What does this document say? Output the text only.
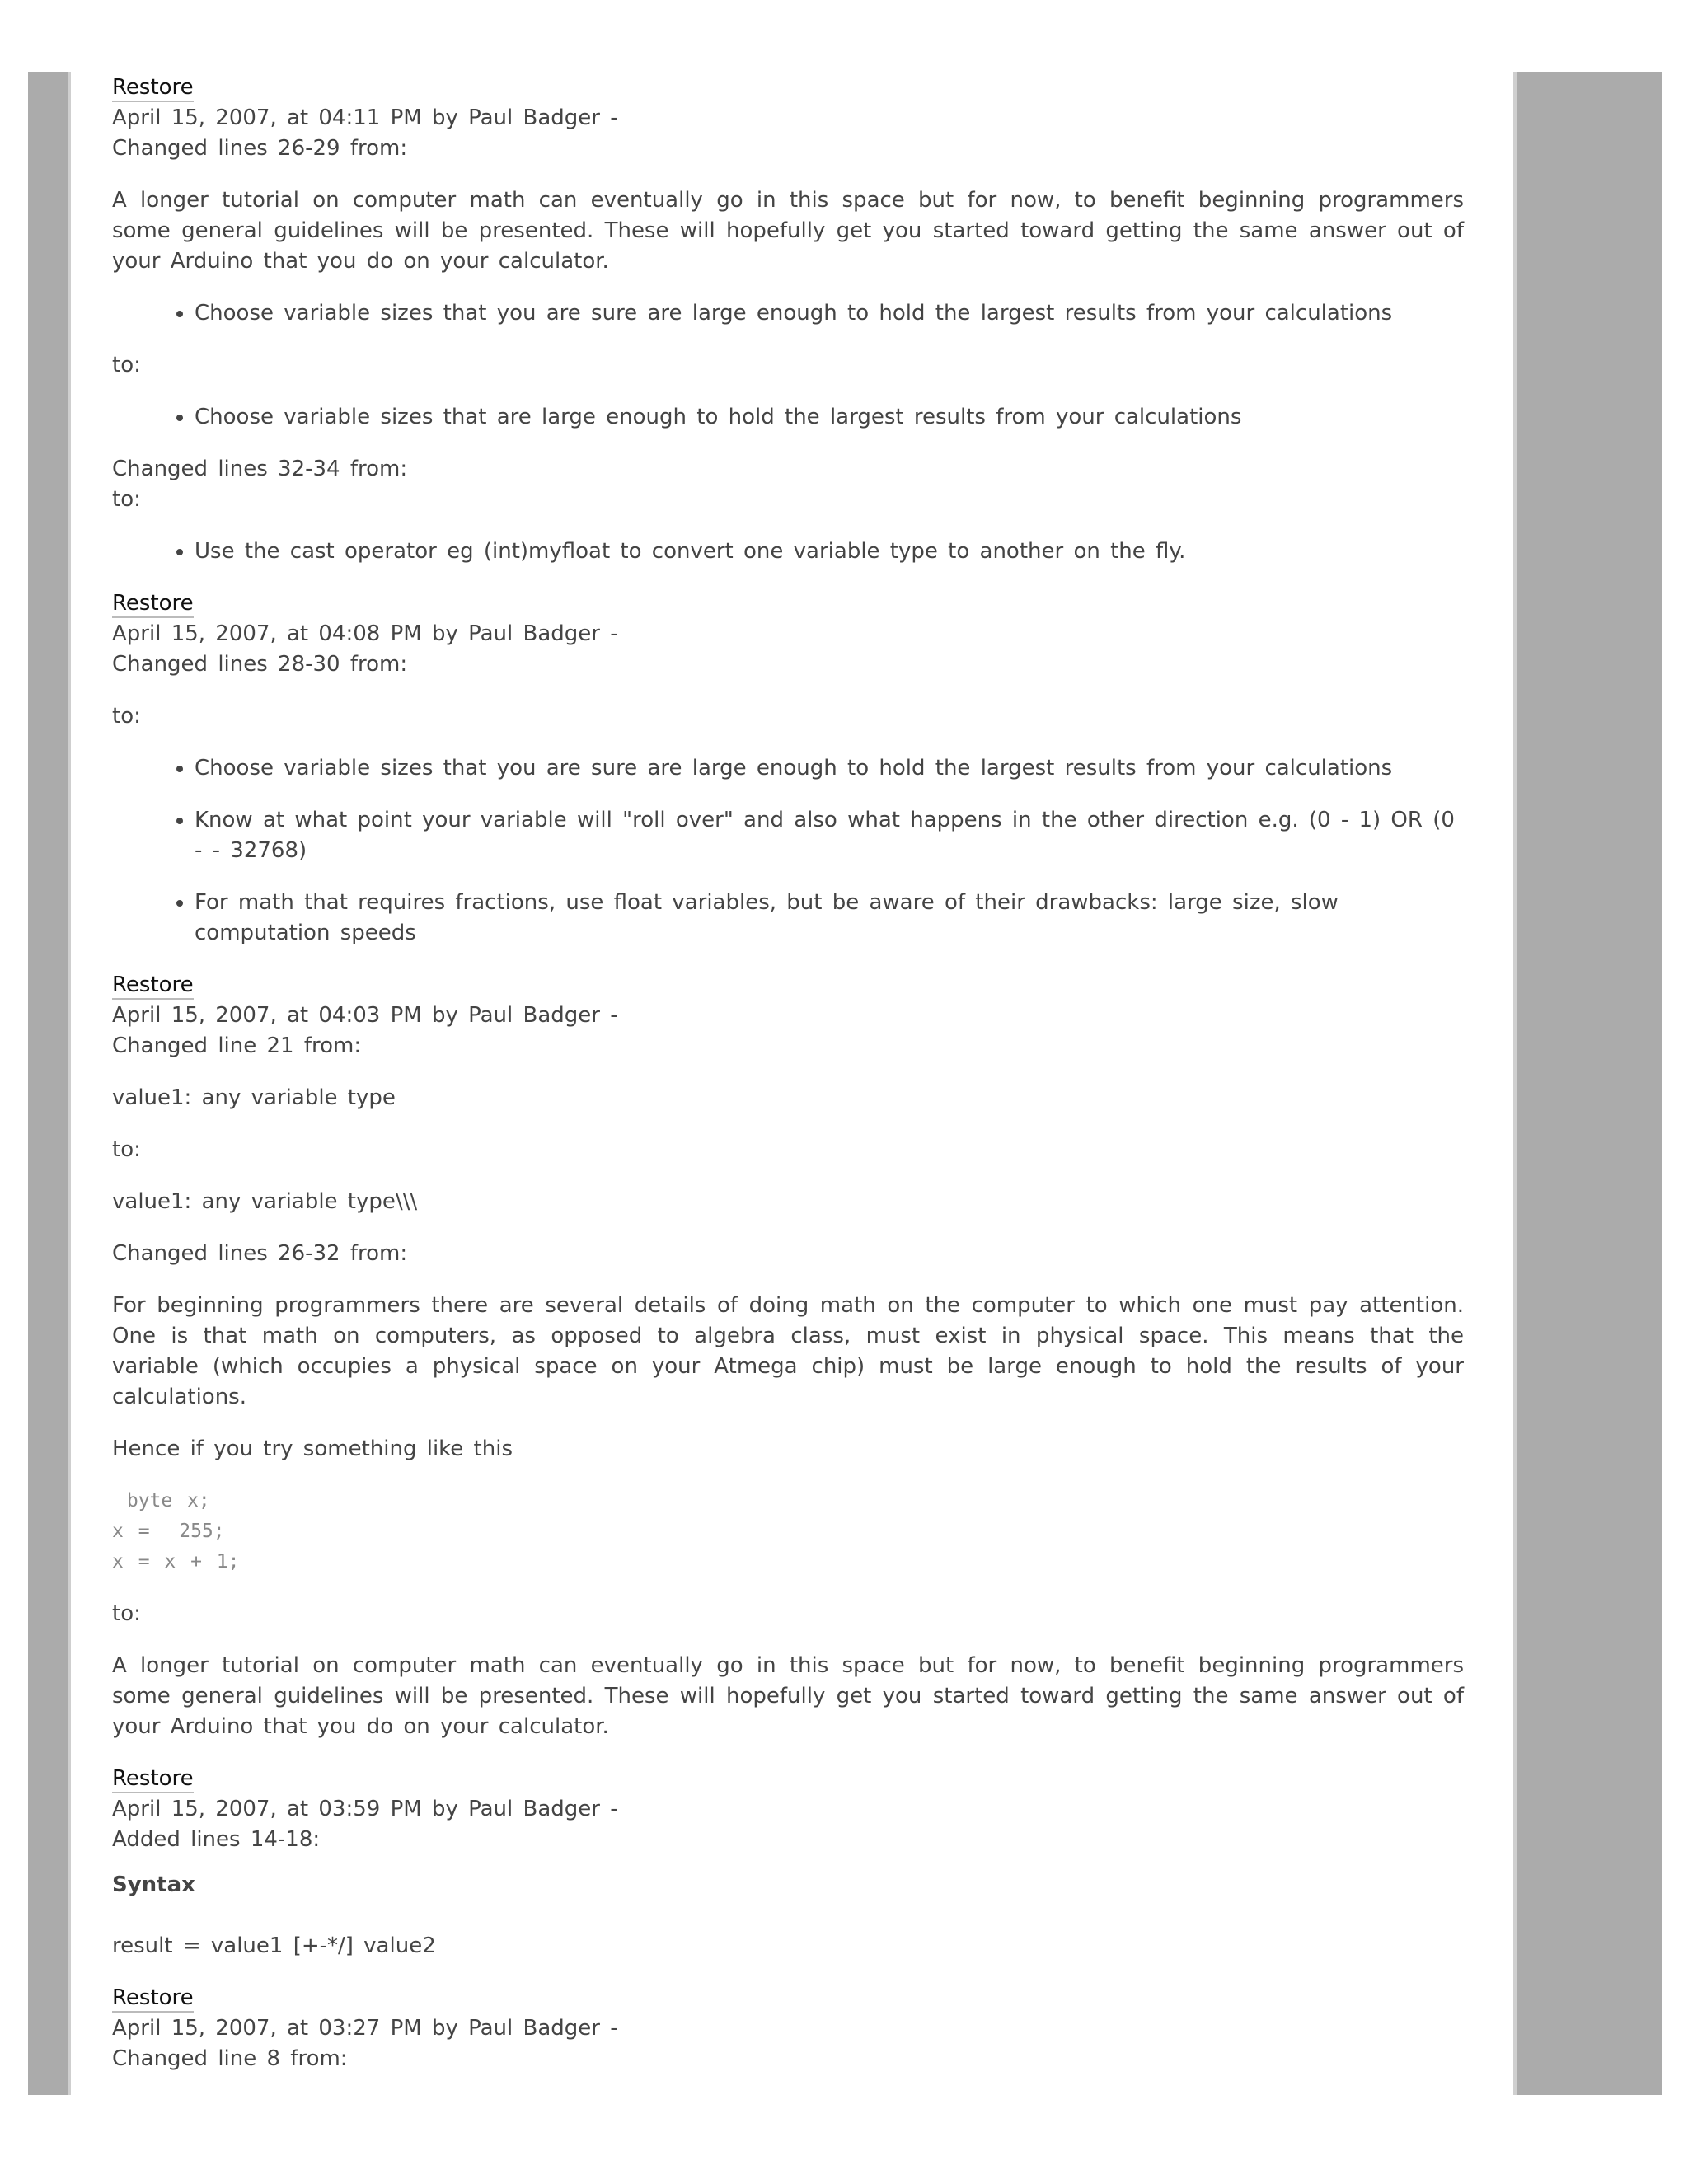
Restore
April 15, 2007, at 04:11 PM by Paul Badger -
Changed lines 26-29 from:

A longer tutorial on computer math can eventually go in this space but for now, to benefit beginning programmers some general guidelines will be presented. These will hopefully get you started toward getting the same answer out of your Arduino that you do on your calculator.

• Choose variable sizes that you are sure are large enough to hold the largest results from your calculations

to:

• Choose variable sizes that are large enough to hold the largest results from your calculations
Changed lines 32-34 from:
to:
• Use the cast operator eg (int)myfloat to convert one variable type to another on the fly.
Restore
April 15, 2007, at 04:08 PM by Paul Badger -
Changed lines 28-30 from:

to:

• Choose variable sizes that you are sure are large enough to hold the largest results from your calculations
• Know at what point your variable will "roll over" and also what happens in the other direction e.g. (0 - 1) OR (0 - - 32768)
• For math that requires fractions, use float variables, but be aware of their drawbacks: large size, slow computation speeds
Restore
April 15, 2007, at 04:03 PM by Paul Badger -
Changed line 21 from:

value1: any variable type

to:

value1: any variable type\\\

Changed lines 26-32 from:

For beginning programmers there are several details of doing math on the computer to which one must pay attention. One is that math on computers, as opposed to algebra class, must exist in physical space. This means that the variable (which occupies a physical space on your Atmega chip) must be large enough to hold the results of your calculations.

Hence if you try something like this

byte x;
x =  255;
x = x + 1;

to:

A longer tutorial on computer math can eventually go in this space but for now, to benefit beginning programmers some general guidelines will be presented. These will hopefully get you started toward getting the same answer out of your Arduino that you do on your calculator.

Restore
April 15, 2007, at 03:59 PM by Paul Badger -
Added lines 14-18:
Syntax

result = value1 [+-*/] value2

Restore
April 15, 2007, at 03:27 PM by Paul Badger -
Changed line 8 from:
